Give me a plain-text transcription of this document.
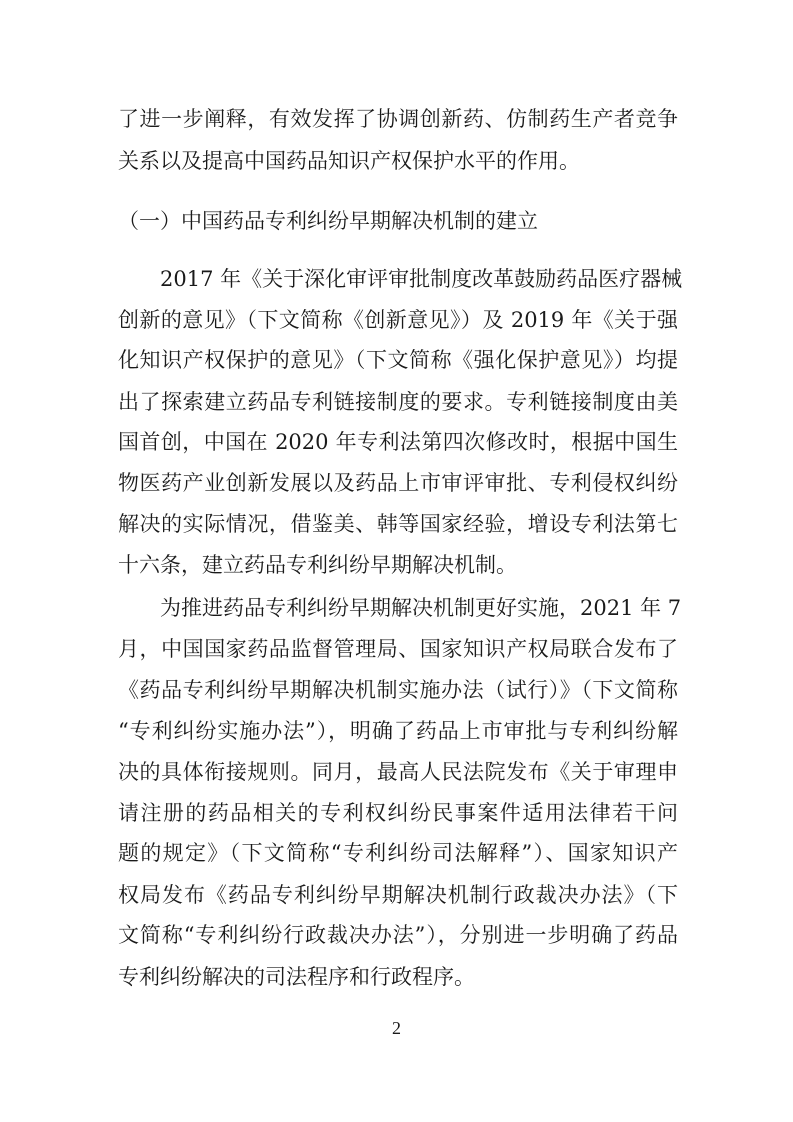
了进一步阐释，有效发挥了协调创新药、仿制药生产者竞争
关系以及提高中国药品知识产权保护水平的作用。
（一）中国药品专利纠纷早期解决机制的建立
2017 年《关于深化审评审批制度改革鼓励药品医疗器械
创新的意见》（下文简称《创新意见》）及 2019 年《关于强
化知识产权保护的意见》（下文简称《强化保护意见》）均提
出了探索建立药品专利链接制度的要求。专利链接制度由美
国首创，中国在 2020 年专利法第四次修改时，根据中国生
物医药产业创新发展以及药品上市审评审批、专利侵权纠纷
解决的实际情况，借鉴美、韩等国家经验，增设专利法第七
十六条，建立药品专利纠纷早期解决机制。
为推进药品专利纠纷早期解决机制更好实施，2021 年 7
月，中国国家药品监督管理局、国家知识产权局联合发布了
《药品专利纠纷早期解决机制实施办法（试行）》（下文简称
“专利纠纷实施办法”），明确了药品上市审批与专利纠纷解
决的具体衔接规则。同月，最高人民法院发布《关于审理申
请注册的药品相关的专利权纠纷民事案件适用法律若干问
题的规定》（下文简称“专利纠纷司法解释”）、国家知识产
权局发布《药品专利纠纷早期解决机制行政裁决办法》（下
文简称“专利纠纷行政裁决办法”），分别进一步明确了药品
专利纠纷解决的司法程序和行政程序。
2
